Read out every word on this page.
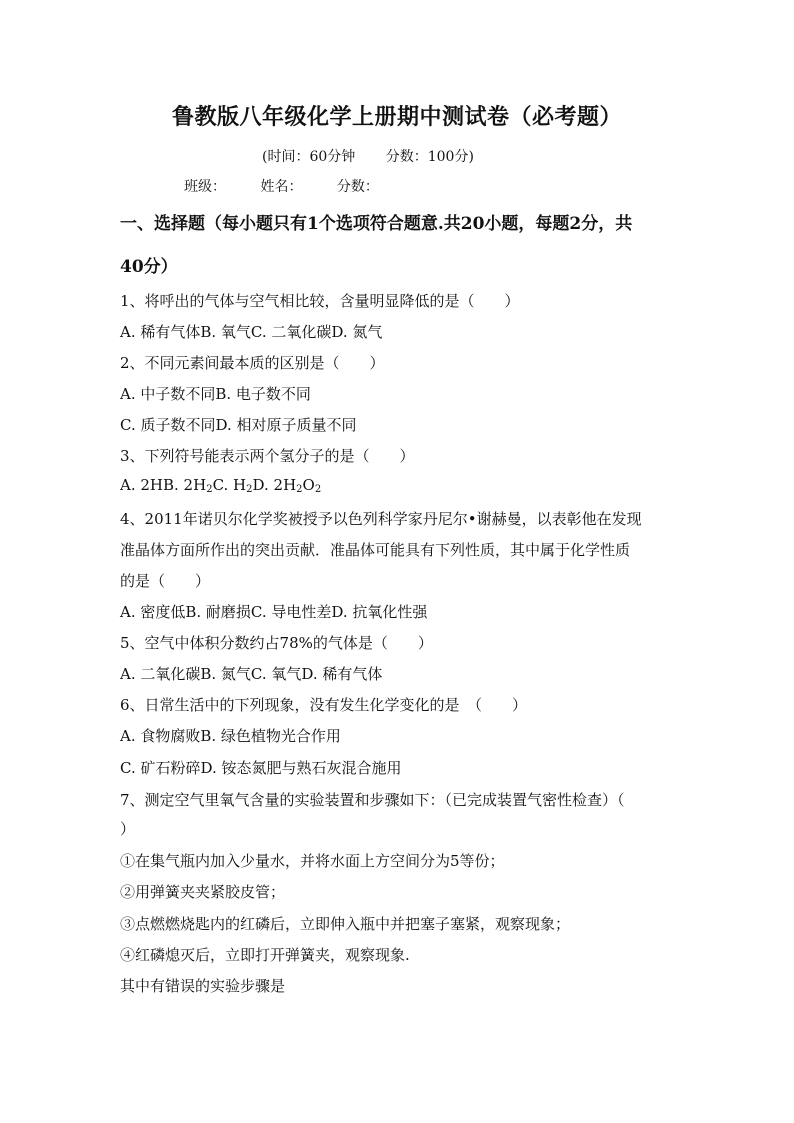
鲁教版八年级化学上册期中测试卷（必考题）
(时间：60分钟 分数：100分)
班级： 姓名： 分数：
一、选择题（每小题只有1个选项符合题意.共20小题，每题2分，共
40分）
1、将呼出的气体与空气相比较，含量明显降低的是（　　）
A. 稀有气体B. 氧气C. 二氧化碳D. 氮气
2、不同元素间最本质的区别是（　　）
A. 中子数不同B. 电子数不同
C. 质子数不同D. 相对原子质量不同
3、下列符号能表示两个氢分子的是（　　）
A. 2HB. $2H_2C$. $H_2D$. $2H_2O_2$
4、2011年诺贝尔化学奖被授予以色列科学家丹尼尔•谢赫曼，以表彰他在发现
准晶体方面所作出的突出贡献．准晶体可能具有下列性质，其中属于化学性质
的是（　　）
A. 密度低B. 耐磨损C. 导电性差D. 抗氧化性强
5、空气中体积分数约占78%的气体是（　　）
A. 二氧化碳B. 氮气C. 氧气D. 稀有气体
6、日常生活中的下列现象，没有发生化学变化的是　（　　）
A. 食物腐败B. 绿色植物光合作用
C. 矿石粉碎D. 铵态氮肥与熟石灰混合施用
7、测定空气里氧气含量的实验装置和步骤如下：（已完成装置气密性检查）（
）
①在集气瓶内加入少量水，并将水面上方空间分为5等份；
②用弹簧夹夹紧胶皮管；
③点燃燃烧匙内的红磷后，立即伸入瓶中并把塞子塞紧，观察现象；
④红磷熄灭后，立即打开弹簧夹，观察现象.
其中有错误的实验步骤是
